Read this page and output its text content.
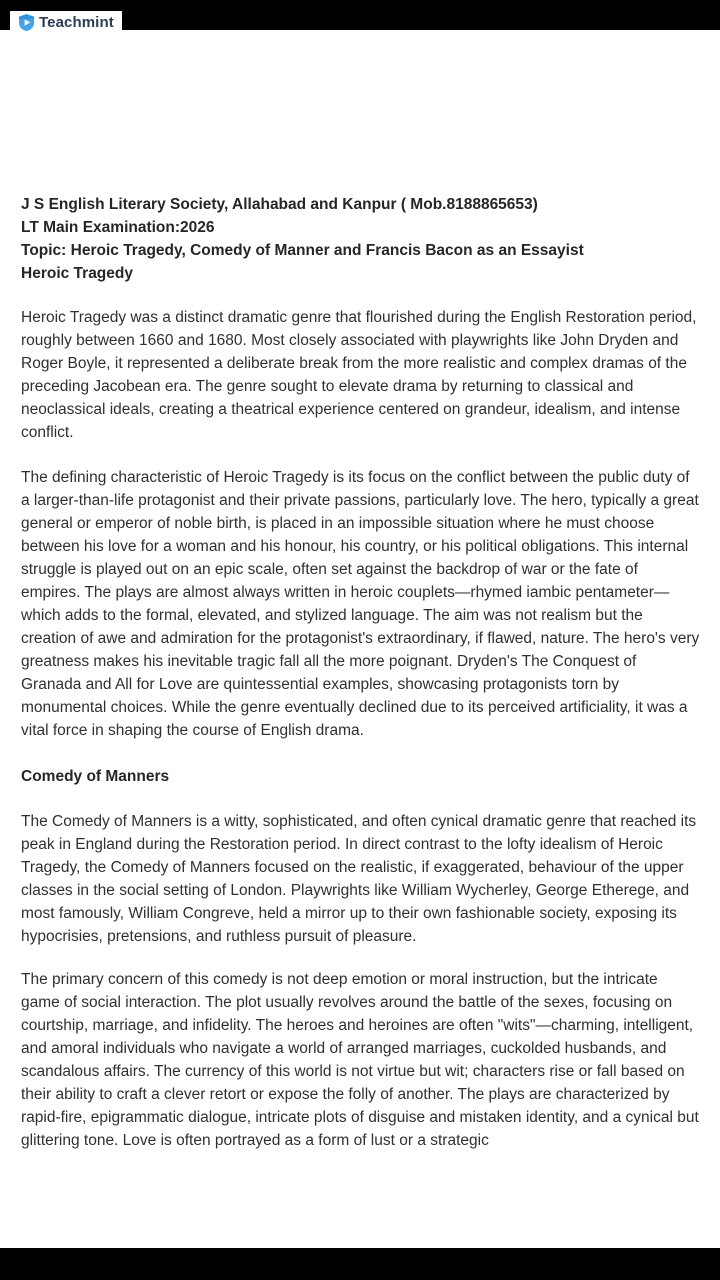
Teachmint
J S English Literary Society, Allahabad and Kanpur ( Mob.8188865653)
LT Main Examination:2026
Topic: Heroic Tragedy, Comedy of Manner and Francis Bacon as an Essayist
Heroic Tragedy
Heroic Tragedy was a distinct dramatic genre that flourished during the English Restoration period, roughly between 1660 and 1680. Most closely associated with playwrights like John Dryden and Roger Boyle, it represented a deliberate break from the more realistic and complex dramas of the preceding Jacobean era. The genre sought to elevate drama by returning to classical and neoclassical ideals, creating a theatrical experience centered on grandeur, idealism, and intense conflict.
The defining characteristic of Heroic Tragedy is its focus on the conflict between the public duty of a larger-than-life protagonist and their private passions, particularly love. The hero, typically a great general or emperor of noble birth, is placed in an impossible situation where he must choose between his love for a woman and his honour, his country, or his political obligations. This internal struggle is played out on an epic scale, often set against the backdrop of war or the fate of empires. The plays are almost always written in heroic couplets—rhymed iambic pentameter—which adds to the formal, elevated, and stylized language. The aim was not realism but the creation of awe and admiration for the protagonist's extraordinary, if flawed, nature. The hero's very greatness makes his inevitable tragic fall all the more poignant. Dryden's The Conquest of Granada and All for Love are quintessential examples, showcasing protagonists torn by monumental choices. While the genre eventually declined due to its perceived artificiality, it was a vital force in shaping the course of English drama.
Comedy of Manners
The Comedy of Manners is a witty, sophisticated, and often cynical dramatic genre that reached its peak in England during the Restoration period. In direct contrast to the lofty idealism of Heroic Tragedy, the Comedy of Manners focused on the realistic, if exaggerated, behaviour of the upper classes in the social setting of London. Playwrights like William Wycherley, George Etherege, and most famously, William Congreve, held a mirror up to their own fashionable society, exposing its hypocrisies, pretensions, and ruthless pursuit of pleasure.
The primary concern of this comedy is not deep emotion or moral instruction, but the intricate game of social interaction. The plot usually revolves around the battle of the sexes, focusing on courtship, marriage, and infidelity. The heroes and heroines are often "wits"—charming, intelligent, and amoral individuals who navigate a world of arranged marriages, cuckolded husbands, and scandalous affairs. The currency of this world is not virtue but wit; characters rise or fall based on their ability to craft a clever retort or expose the folly of another. The plays are characterized by rapid-fire, epigrammatic dialogue, intricate plots of disguise and mistaken identity, and a cynical but glittering tone. Love is often portrayed as a form of lust or a strategic
